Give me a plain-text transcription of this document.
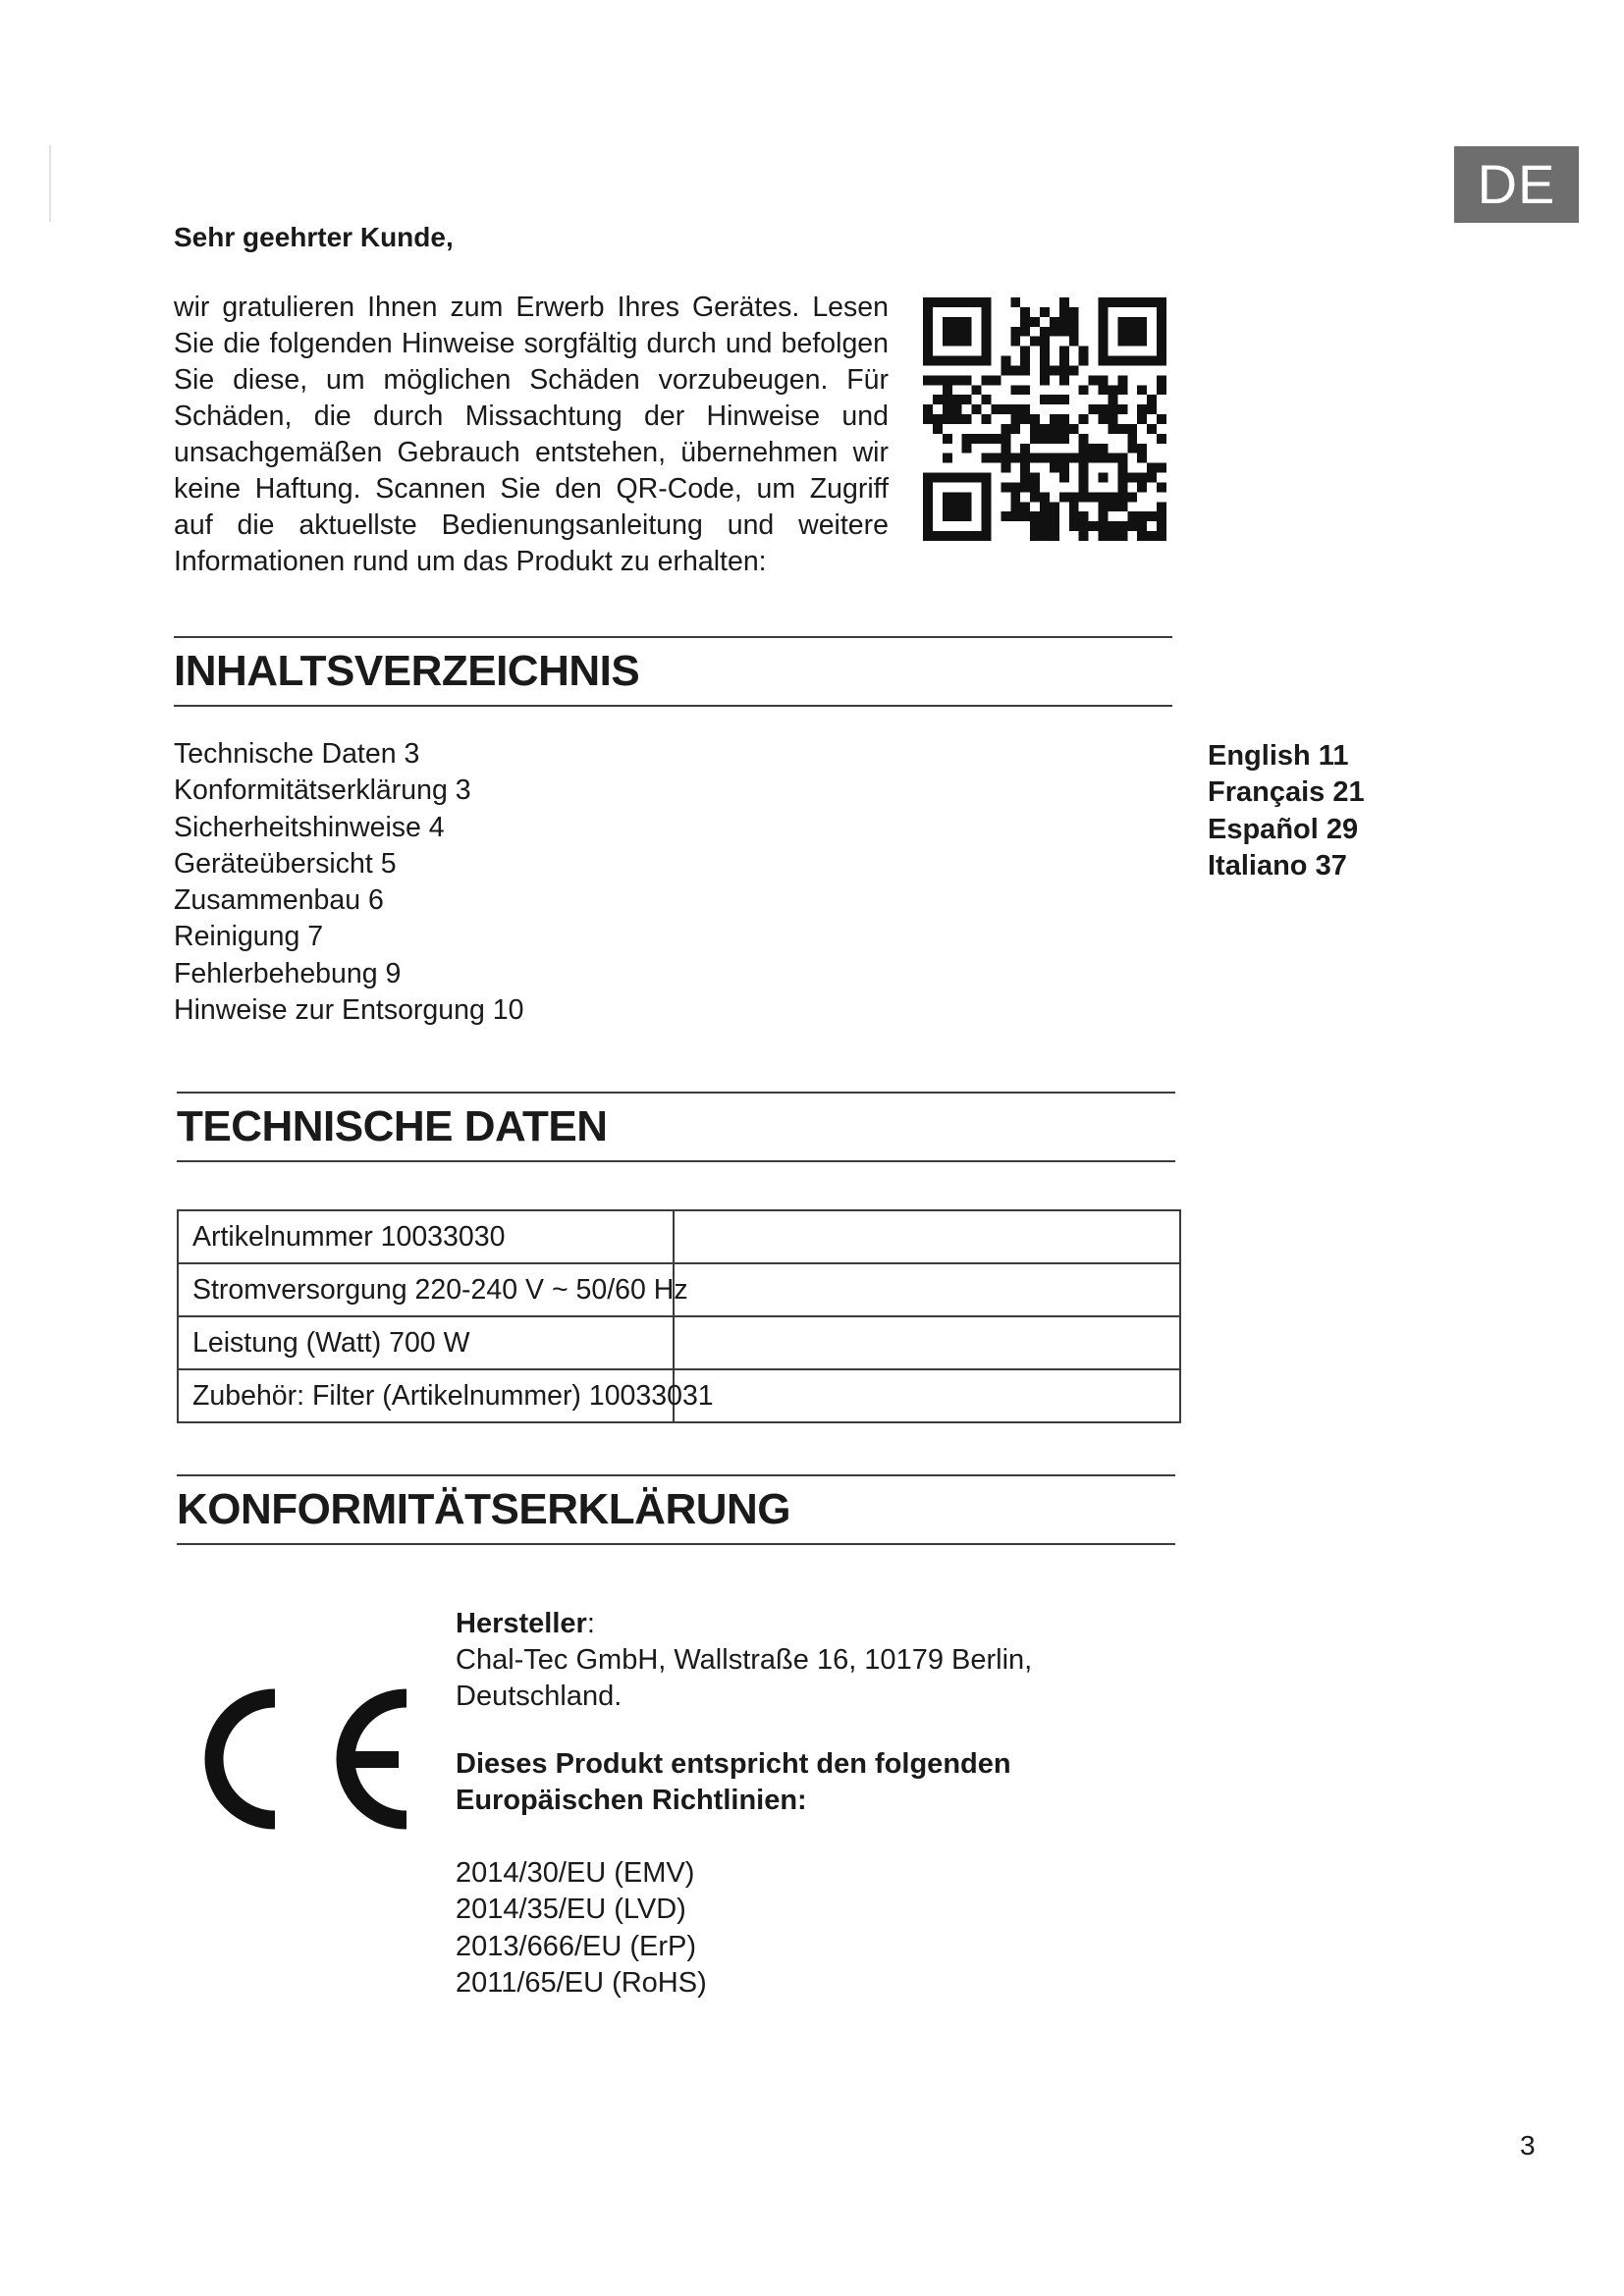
DE
Sehr geehrter Kunde,

wir gratulieren Ihnen zum Erwerb Ihres Gerätes. Lesen Sie die folgenden Hinweise sorgfältig durch und befolgen Sie diese, um möglichen Schäden vorzubeugen. Für Schäden, die durch Missachtung der Hinweise und unsachgemäßen Gebrauch entstehen, übernehmen wir keine Haftung. Scannen Sie den QR-Code, um Zugriff auf die aktuellste Bedienungsanleitung und weitere Informationen rund um das Produkt zu erhalten:

INHALTSVERZEICHNIS
Technische Daten 3
Konformitätserklärung 3
Sicherheitshinweise 4
Geräteübersicht 5
Zusammenbau 6
Reinigung 7
Fehlerbehebung 9
Hinweise zur Entsorgung 10
English 11
Français 21
Español 29
Italiano 37
TECHNISCHE DATEN
Artikelnummer 10033030	
Stromversorgung 220-240 V ~ 50/60 Hz	
Leistung (Watt) 700 W	
Zubehör: Filter (Artikelnummer) 10033031	
KONFORMITÄTSERKLÄRUNG

Hersteller:

Chal-Tec GmbH, Wallstraße 16, 10179 Berlin,

Deutschland.

Dieses Produkt entspricht den folgenden

Europäischen Richtlinien:

2014/30/EU (EMV)
2014/35/EU (LVD)
2013/666/EU (ErP)
2011/65/EU (RoHS)
3
